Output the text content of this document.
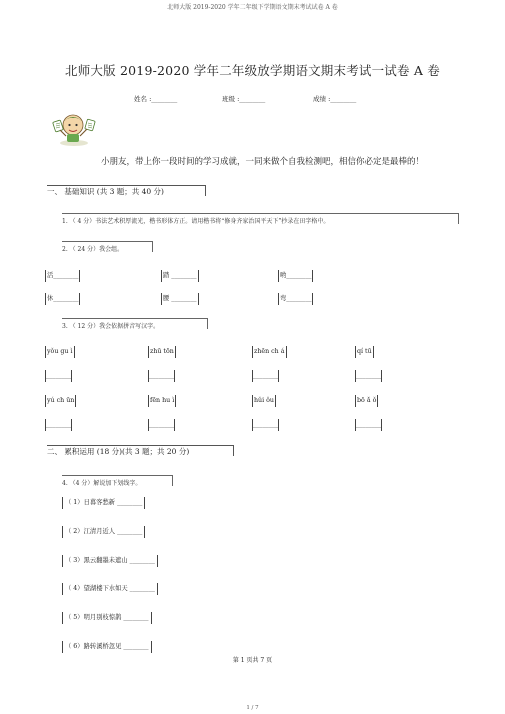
北师大版 2019-2020 学年二年级下学期语文期末考试试卷 A 卷
北师大版 2019-2020 学年二年级放学期语文期末考试一试卷 A 卷
姓名 :________	班级 :________	成绩 :________
小朋友，带上你一段时间的学习成就，一同来做个自我检测吧，相信你必定是最棒的！
一、 基础知识 (共 3 题；共 40 分)
1. （ 4 分）书法艺术积厚流光，楷书形体方正。请用楷书将“修身齐家治国平天下”抄录在田字格中。
2. （ 24 分）我会组。
活________	踏 ________	哟________
休________	腰 ________	弯________
3. （ 12 分）我会依据拼音写汉字。
yǒu gu ì	zhū tōn	zhēn ch á	qí tū
________	________	________	________
yú ch ūn	fēn hu ì	hǔi ǒu	bō ǎ ǒ
________	________	________	________
二、 累积运用 (18 分)(共 3 题；共 20 分)
4. （4 分）解说加下划线字。
（ 1）日暮客愁新 ________
（ 2）江清月近人 ________
（ 3）黑云翻墨未遮山 ________
（ 4）望湖楼下水如天 ________
（ 5）明月别枝惊鹊 ________
（ 6）路转溪桥忽见 ________
第 1 页共 7 页
1 / 7
